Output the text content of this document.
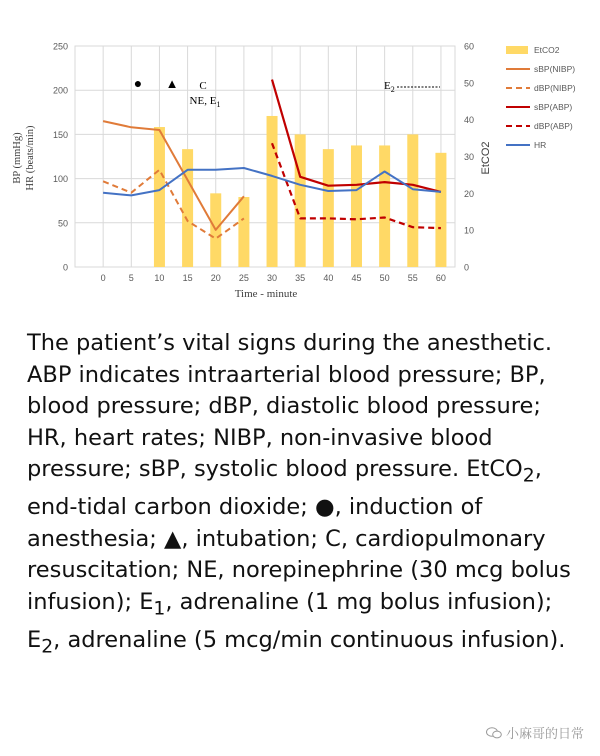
0
50
100
150
200
250
0	5 10 15 20 25 30 35 40 45 50 55 60
0
10
20
30
40
50
60
BP (mmHg) HR (beats/min)	EtCO2
Time - minute
● ▲ C
NE, $E_1$
$E_2$
EtCO2
sBP(NIBP)
dBP(NIBP)
sBP(ABP)
dBP(ABP)
HR

The patient’s vital signs during the anesthetic. ABP indicates intraarterial blood pressure; BP, blood pressure; dBP, diastolic blood pressure; HR, heart rates; NIBP, non-invasive blood pressure; sBP, systolic blood pressure. EtCO$_2$, end-tidal carbon dioxide; ●, induction of anesthesia; ▲, intubation; C, cardiopulmonary resuscitation; NE, norepinephrine (30 mcg bolus infusion); $E_1$, adrenaline (1 mg bolus infusion); $E_2$, adrenaline (5 mcg/min continuous infusion).

小麻哥的日常
